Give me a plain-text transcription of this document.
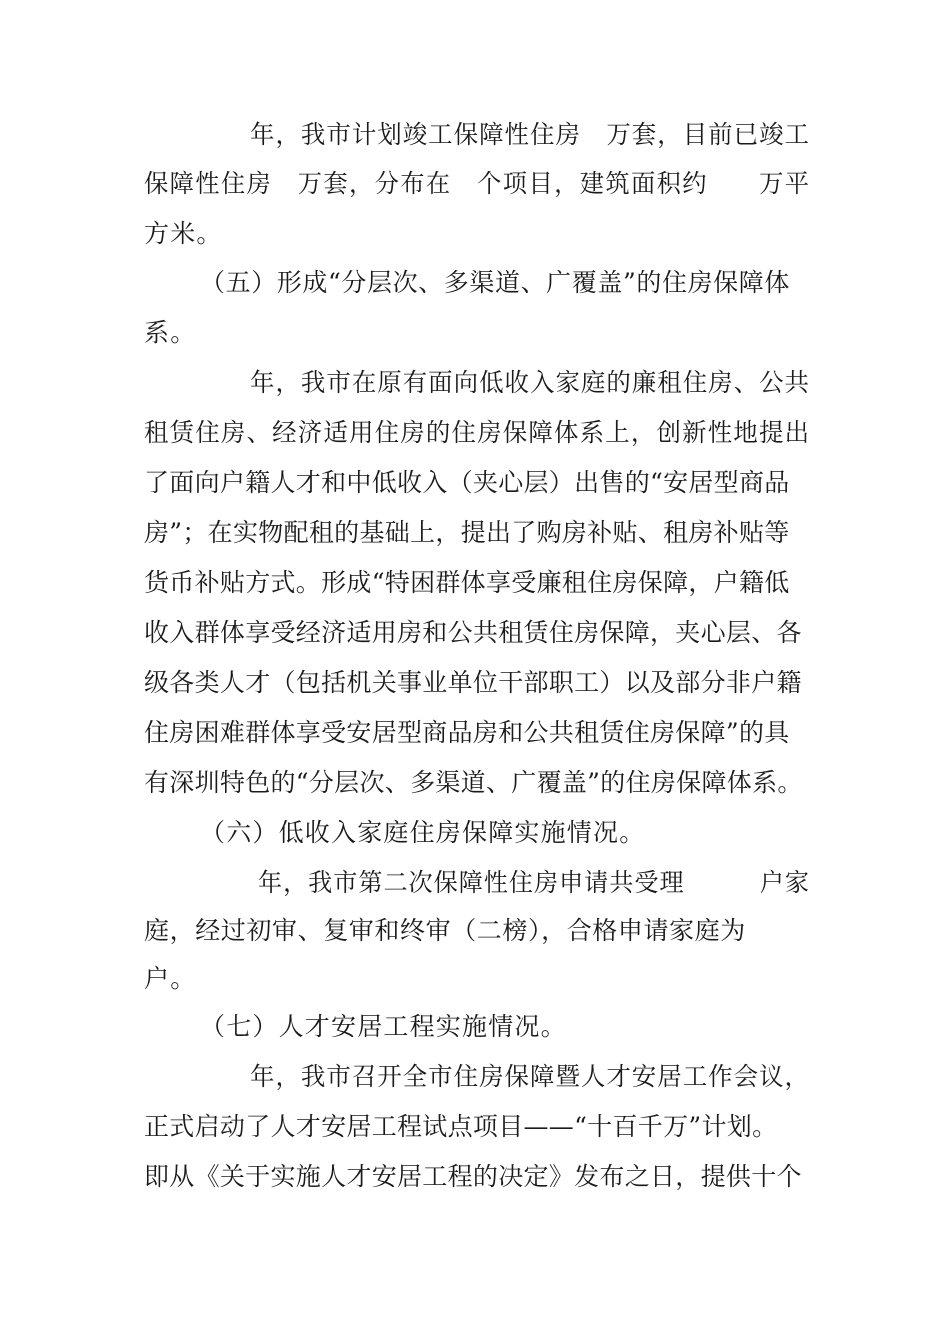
年，我市计划竣工保障性住房　万套，目前已竣工
保障性住房　万套，分布在　个项目，建筑面积约　　万平
方米。
（五）形成“分层次、多渠道、广覆盖”的住房保障体
系。
年，我市在原有面向低收入家庭的廉租住房、公共
租赁住房、经济适用住房的住房保障体系上，创新性地提出
了面向户籍人才和中低收入（夹心层）出售的“安居型商品
房”；在实物配租的基础上，提出了购房补贴、租房补贴等
货币补贴方式。形成“特困群体享受廉租住房保障，户籍低
收入群体享受经济适用房和公共租赁住房保障，夹心层、各
级各类人才（包括机关事业单位干部职工）以及部分非户籍
住房困难群体享受安居型商品房和公共租赁住房保障”的具
有深圳特色的“分层次、多渠道、广覆盖”的住房保障体系。
（六）低收入家庭住房保障实施情况。
年，我市第二次保障性住房申请共受理　　　户家
庭，经过初审、复审和终审（二榜），合格申请家庭为
户。
（七）人才安居工程实施情况。
年，我市召开全市住房保障暨人才安居工作会议，
正式启动了人才安居工程试点项目——“十百千万”计划。
即从《关于实施人才安居工程的决定》发布之日，提供十个
